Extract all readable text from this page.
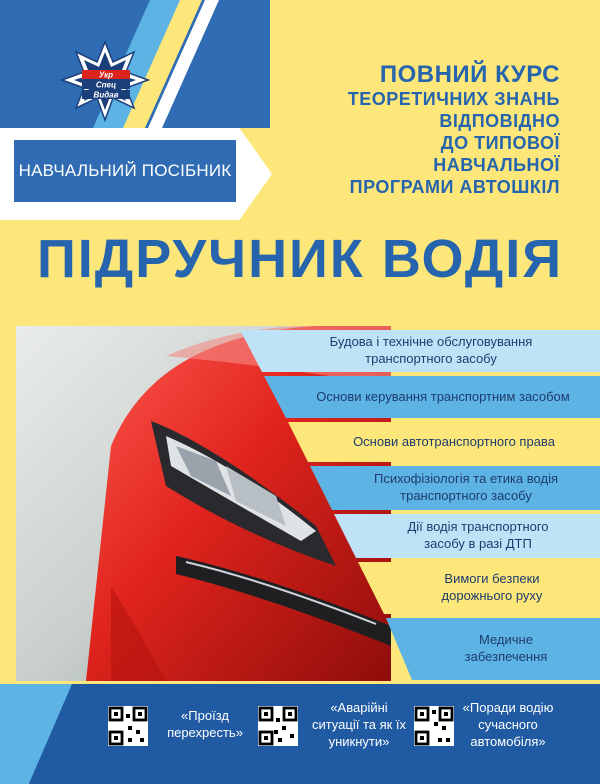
Укр
Спец
Видав
НАВЧАЛЬНИЙ ПОСІБНИК
ПОВНИЙ КУРС
ТЕОРЕТИЧНИХ ЗНАНЬ
ВІДПОВІДНО
ДО ТИПОВОЇ
НАВЧАЛЬНОЇ
ПРОГРАМИ АВТОШКІЛ
ПІДРУЧНИК ВОДІЯ
Будова і технічне обслуговування
транспортного засобу
Основи керування транспортним засобом
Основи автотранспортного права
Психофізіологія та етика водія
транспортного засобу
Дії водія транспортного
засобу в разі ДТП
Вимоги безпеки
дорожнього руху
Медичне
забезпечення
«Проїзд
перехресть»
«Аварійні
ситуації та як їх
уникнути»
«Поради водію
сучасного
автомобіля»
